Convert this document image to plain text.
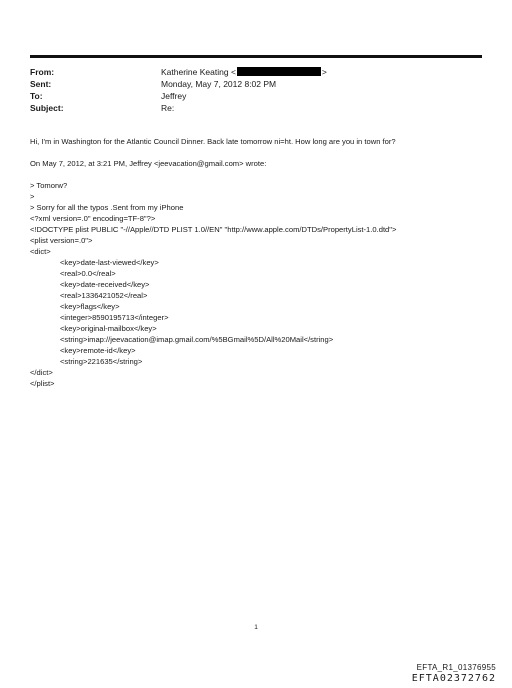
From:	Katherine Keating <	>
Sent:	Monday, May 7, 2012 8:02 PM
To:	Jeffrey
Subject:	Re:

Hi, I'm in Washington for the Atlantic Council Dinner. Back late tomorrow ni=ht. How long are you in town for?

On May 7, 2012, at 3:21 PM, Jeffrey <jeevacation@gmail.com> wrote:

> Tomorw?

>

> Sorry for all the typos .Sent from my iPhone

<?xml version=.0" encoding=TF-8"?>

<!DOCTYPE plist PUBLIC "-//Apple//DTD PLIST 1.0//EN" "http://www.apple.com/DTDs/PropertyList-1.0.dtd">

<plist version=.0">

<dict>

<key>date-last-viewed</key>

<real>0.0</real>

<key>date-received</key>

<real>1336421052</real>

<key>flags</key>

<integer>8590195713</integer>

<key>original-mailbox</key>

<string>imap://jeevacation@imap.gmail.com/%5BGmail%5D/All%20Mail</string>

<key>remote-id</key>

<string>221635</string>

</dict>

</plist>

1
EFTA_R1_01376955
EFTA02372762
